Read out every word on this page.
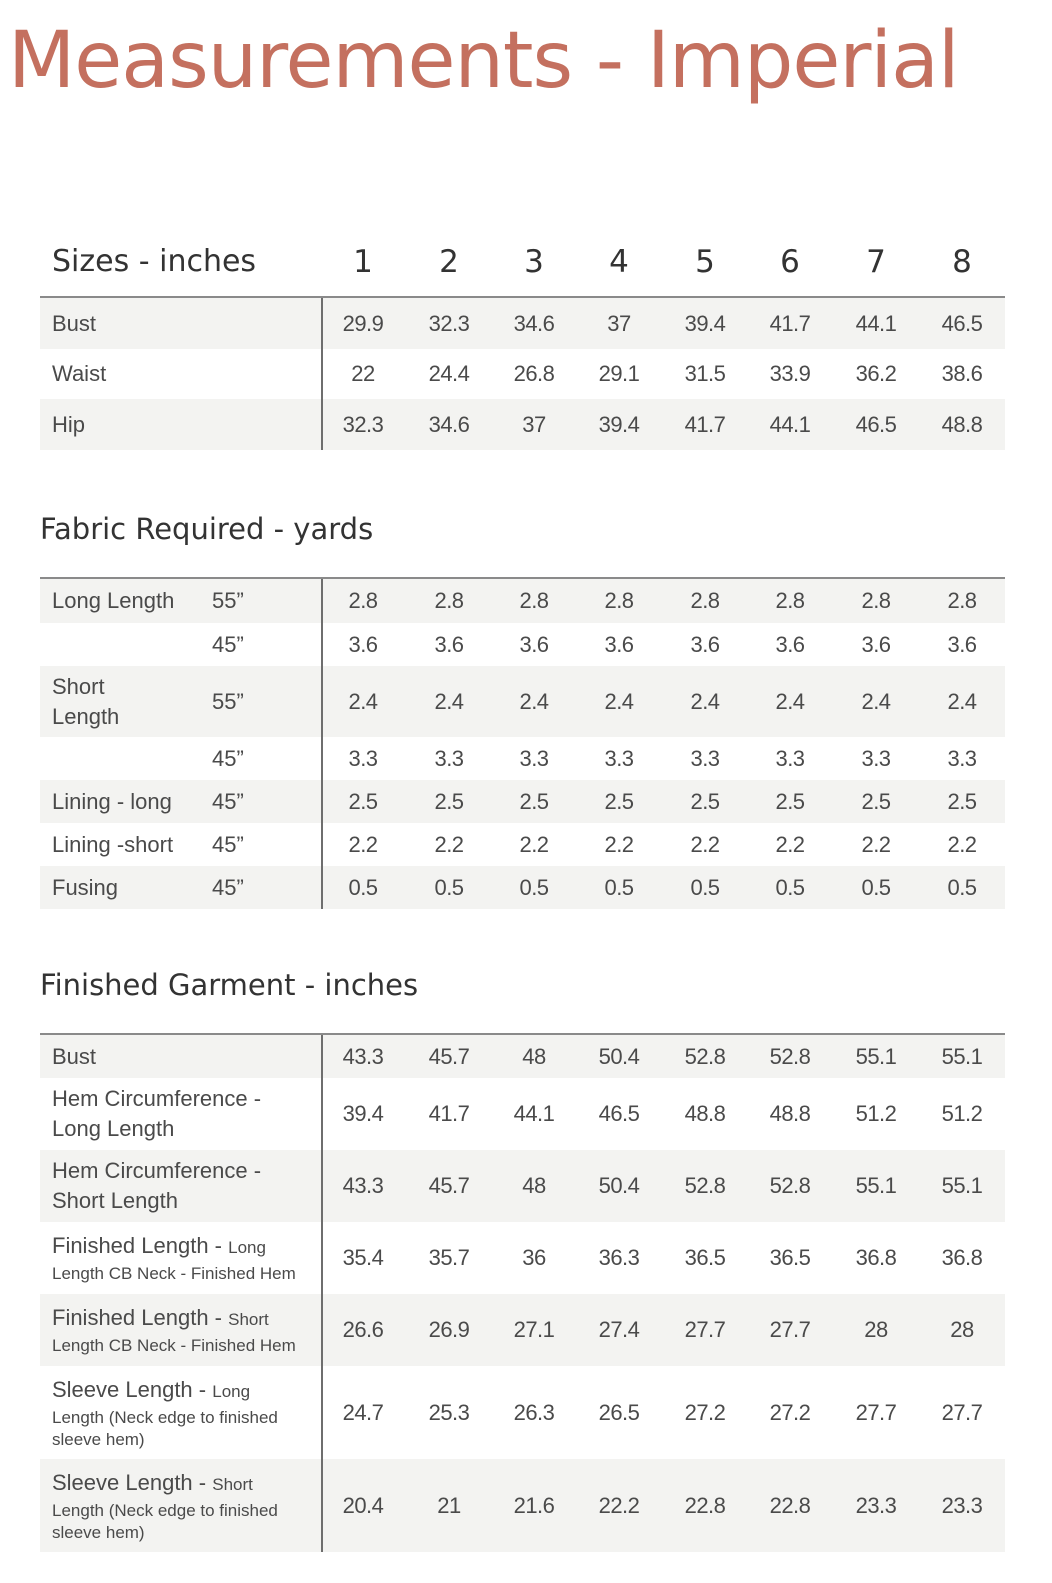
Measurements - Imperial
Sizes - inches	1	2	3	4	5	6	7	8
Bust	29.9	32.3	34.6	37	39.4	41.7	44.1	46.5
Waist	22	24.4	26.8	29.1	31.5	33.9	36.2	38.6
Hip	32.3	34.6	37	39.4	41.7	44.1	46.5	48.8
Fabric Required - yards
Long Length 55”	2.8	2.8	2.8	2.8	2.8	2.8	2.8	2.8
45”	3.6	3.6	3.6	3.6	3.6	3.6	3.6	3.6
Short Length
55”	2.4	2.4	2.4	2.4	2.4	2.4	2.4	2.4
45”	3.3	3.3	3.3	3.3	3.3	3.3	3.3	3.3
Lining - long 45”	2.5	2.5	2.5	2.5	2.5	2.5	2.5	2.5
Lining -short 45”	2.2	2.2	2.2	2.2	2.2	2.2	2.2	2.2
Fusing	45”	0.5	0.5	0.5	0.5	0.5	0.5	0.5	0.5
Finished Garment - inches
Bust	43.3	45.7	48	50.4	52.8	52.8	55.1	55.1
Hem Circumference - Long Length
39.4	41.7	44.1	46.5	48.8	48.8	51.2	51.2
Hem Circumference - Short Length
43.3	45.7	48	50.4	52.8	52.8	55.1	55.1
Finished Length - Long
Length CB Neck - Finished Hem
35.4	35.7	36	36.3	36.5	36.5	36.8	36.8
Finished Length - Short
Length CB Neck - Finished Hem
26.6	26.9	27.1	27.4	27.7	27.7	28	28
Sleeve Length - Long
Length (Neck edge to finished sleeve hem)
24.7	25.3	26.3	26.5	27.2	27.2	27.7	27.7
Sleeve Length - Short
Length (Neck edge to finished sleeve hem)
20.4	21	21.6	22.2	22.8	22.8	23.3	23.3
